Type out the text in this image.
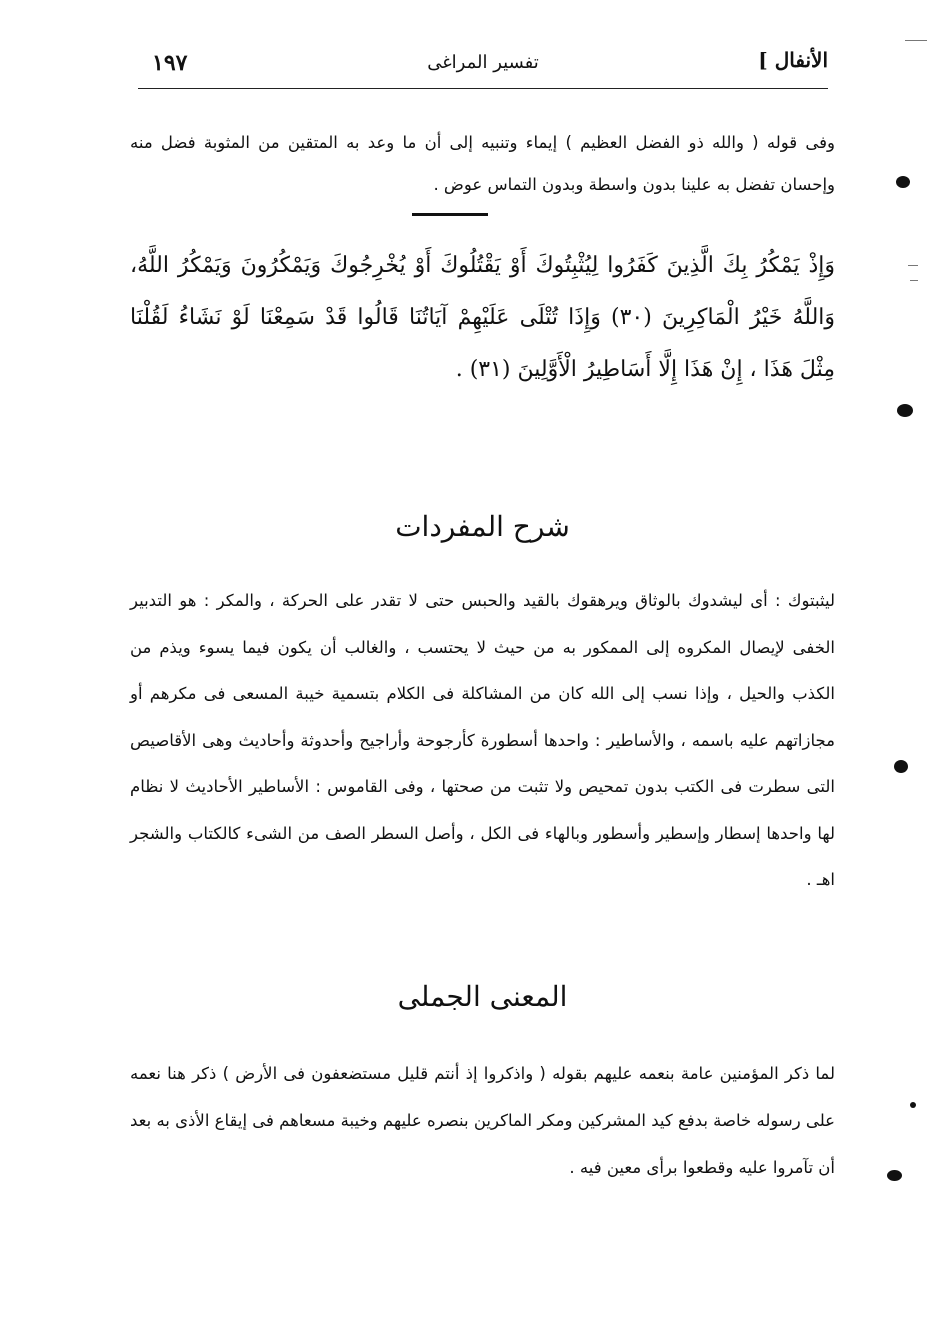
الأنفال ]
تفسير المراغى
١٩٧
وفى قوله ( والله ذو الفضل العظيم ) إيماء وتنبيه إلى أن ما وعد به المتقين من المثوبة فضل منه وإحسان تفضل به علينا بدون واسطة وبدون التماس عوض .
وَإِذْ يَمْكُرُ بِكَ الَّذِينَ كَفَرُوا لِيُثْبِتُوكَ أَوْ يَقْتُلُوكَ أَوْ يُخْرِجُوكَ وَيَمْكُرُونَ وَيَمْكُرُ اللَّهُ، وَاللَّهُ خَيْرُ الْمَاكِرِينَ (٣٠) وَإِذَا تُتْلَى عَلَيْهِمْ آيَاتُنَا قَالُوا قَدْ سَمِعْنَا لَوْ نَشَاءُ لَقُلْنَا مِثْلَ هَذَا ، إِنْ هَذَا إِلَّا أَسَاطِيرُ الْأَوَّلِينَ (٣١) .
شرح المفردات
ليثبتوك : أى ليشدوك بالوثاق ويرهقوك بالقيد والحبس حتى لا تقدر على الحركة ، والمكر : هو التدبير الخفى لإيصال المكروه إلى الممكور به من حيث لا يحتسب ، والغالب أن يكون فيما يسوء ويذم من الكذب والحيل ، وإذا نسب إلى الله كان من المشاكلة فى الكلام بتسمية خيبة المسعى فى مكرهم أو مجازاتهم عليه باسمه ، والأساطير : واحدها أسطورة كأرجوحة وأراجيح وأحدوثة وأحاديث وهى الأقاصيص التى سطرت فى الكتب بدون تمحيص ولا تثبت من صحتها ، وفى القاموس : الأساطير الأحاديث لا نظام لها واحدها إسطار وإسطير وأسطور وبالهاء فى الكل ، وأصل السطر الصف من الشىء كالكتاب والشجر اهـ .
المعنى الجملى
لما ذكر المؤمنين عامة بنعمه عليهم بقوله ( واذكروا إذ أنتم قليل مستضعفون فى الأرض ) ذكر هنا نعمه على رسوله خاصة بدفع كيد المشركين ومكر الماكرين بنصره عليهم وخيبة مسعاهم فى إيقاع الأذى به بعد أن تآمروا عليه وقطعوا برأى معين فيه .
